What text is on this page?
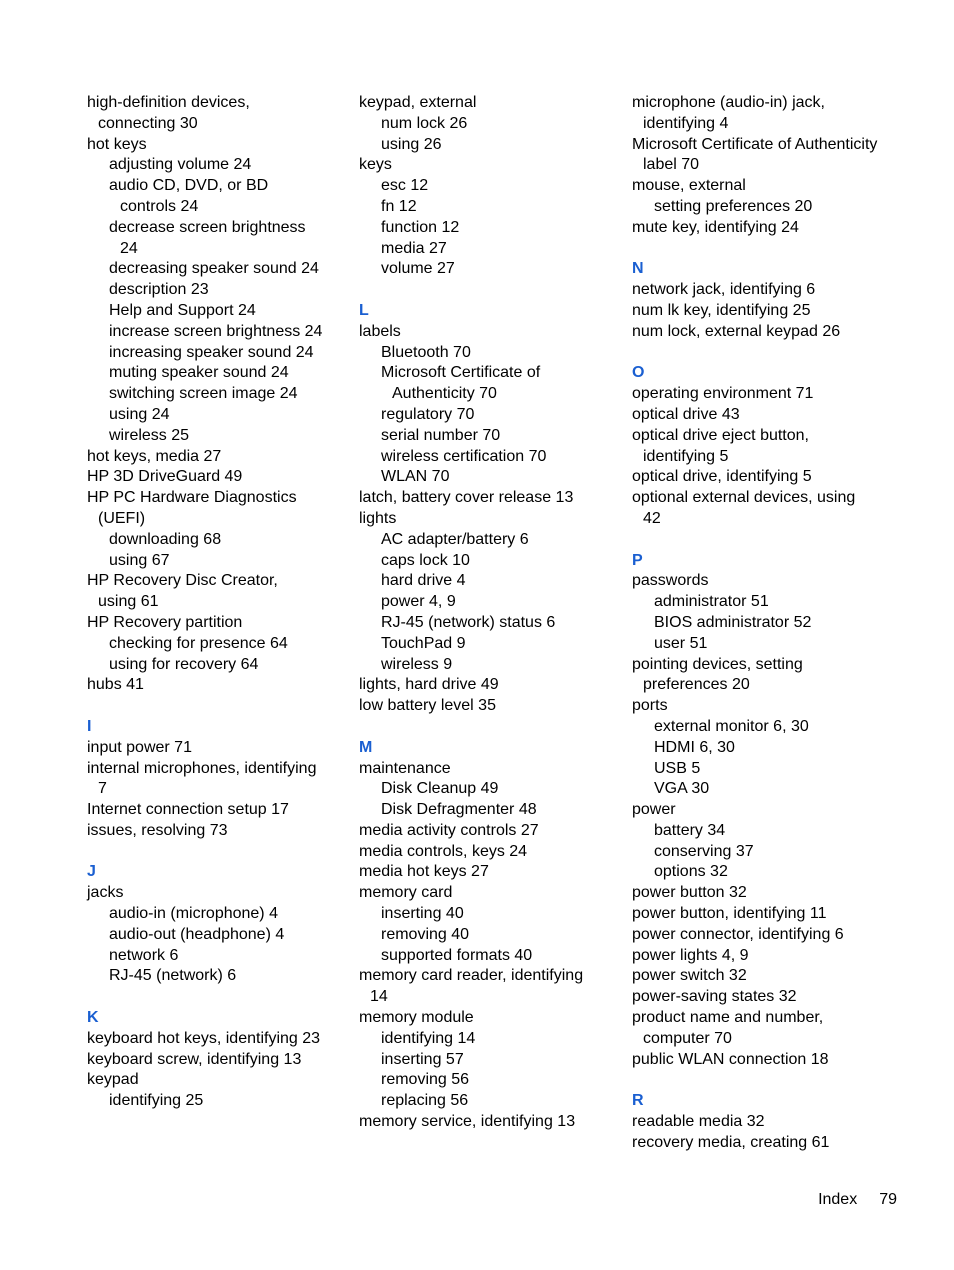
high-definition devices,
connecting 30
hot keys
adjusting volume 24
audio CD, DVD, or BD
controls 24
decrease screen brightness
24
decreasing speaker sound 24
description 23
Help and Support 24
increase screen brightness 24
increasing speaker sound 24
muting speaker sound 24
switching screen image 24
using 24
wireless 25
hot keys, media 27
HP 3D DriveGuard 49
HP PC Hardware Diagnostics
(UEFI)
downloading 68
using 67
HP Recovery Disc Creator,
using 61
HP Recovery partition
checking for presence 64
using for recovery 64
hubs 41
I
input power 71
internal microphones, identifying
7
Internet connection setup 17
issues, resolving 73
J
jacks
audio-in (microphone) 4
audio-out (headphone) 4
network 6
RJ-45 (network) 6
K
keyboard hot keys, identifying 23
keyboard screw, identifying 13
keypad
identifying 25
keypad, external
num lock 26
using 26
keys
esc 12
fn 12
function 12
media 27
volume 27
L
labels
Bluetooth 70
Microsoft Certificate of
Authenticity 70
regulatory 70
serial number 70
wireless certification 70
WLAN 70
latch, battery cover release 13
lights
AC adapter/battery 6
caps lock 10
hard drive 4
power 4, 9
RJ-45 (network) status 6
TouchPad 9
wireless 9
lights, hard drive 49
low battery level 35
M
maintenance
Disk Cleanup 49
Disk Defragmenter 48
media activity controls 27
media controls, keys 24
media hot keys 27
memory card
inserting 40
removing 40
supported formats 40
memory card reader, identifying
14
memory module
identifying 14
inserting 57
removing 56
replacing 56
memory service, identifying 13
microphone (audio-in) jack,
identifying 4
Microsoft Certificate of Authenticity
label 70
mouse, external
setting preferences 20
mute key, identifying 24
N
network jack, identifying 6
num lk key, identifying 25
num lock, external keypad 26
O
operating environment 71
optical drive 43
optical drive eject button,
identifying 5
optical drive, identifying 5
optional external devices, using
42
P
passwords
administrator 51
BIOS administrator 52
user 51
pointing devices, setting
preferences 20
ports
external monitor 6, 30
HDMI 6, 30
USB 5
VGA 30
power
battery 34
conserving 37
options 32
power button 32
power button, identifying 11
power connector, identifying 6
power lights 4, 9
power switch 32
power-saving states 32
product name and number,
computer 70
public WLAN connection 18
R
readable media 32
recovery media, creating 61
Index 79
